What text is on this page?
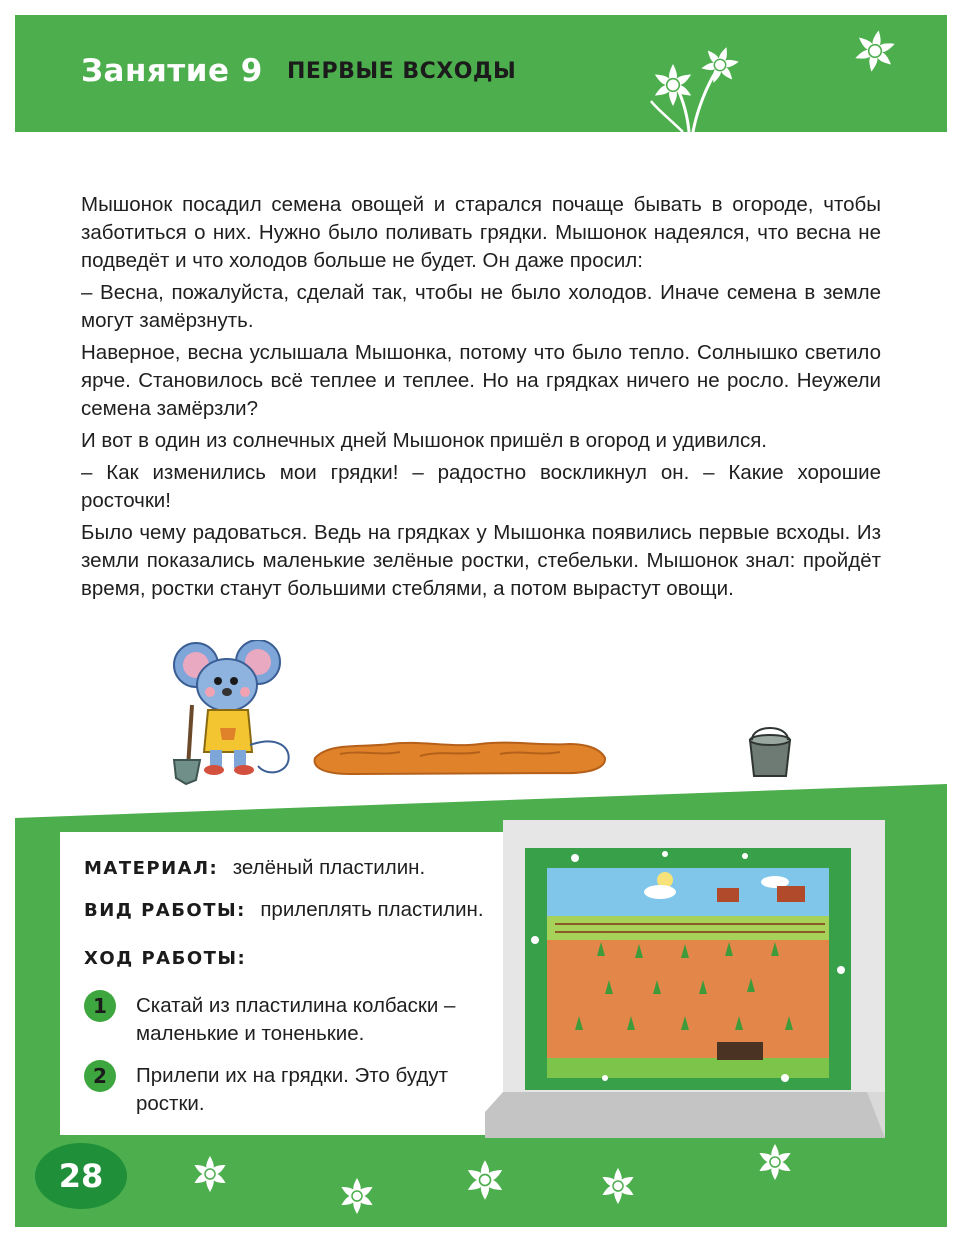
Занятие 9 ПЕРВЫЕ ВСХОДЫ

Мышонок посадил семена овощей и старался почаще бывать в огороде, чтобы заботиться о них. Нужно было поливать грядки. Мышонок надеялся, что весна не подведёт и что холодов больше не будет. Он даже просил:

– Весна, пожалуйста, сделай так, чтобы не было холодов. Иначе семена в земле могут замёрзнуть.

Наверное, весна услышала Мышонка, потому что было тепло. Солнышко светило ярче. Становилось всё теплее и теплее. Но на грядках ничего не росло. Неужели семена замёрзли?

И вот в один из солнечных дней Мышонок пришёл в огород и удивился.

– Как изменились мои грядки! – радостно воскликнул он. – Какие хорошие росточки!

Было чему радоваться. Ведь на грядках у Мышонка появились первые всходы. Из земли показались маленькие зелёные ростки, стебельки. Мышонок знал: пройдёт время, ростки станут большими стеблями, а потом вырастут овощи.

МАТЕРИАЛ: зелёный пластилин.
ВИД РАБОТЫ: прилеплять пластилин.
ХОД РАБОТЫ:
1	Скатай из пластилина колбаски – маленькие и тоненькие.
2	Прилепи их на грядки. Это будут ростки.
28
